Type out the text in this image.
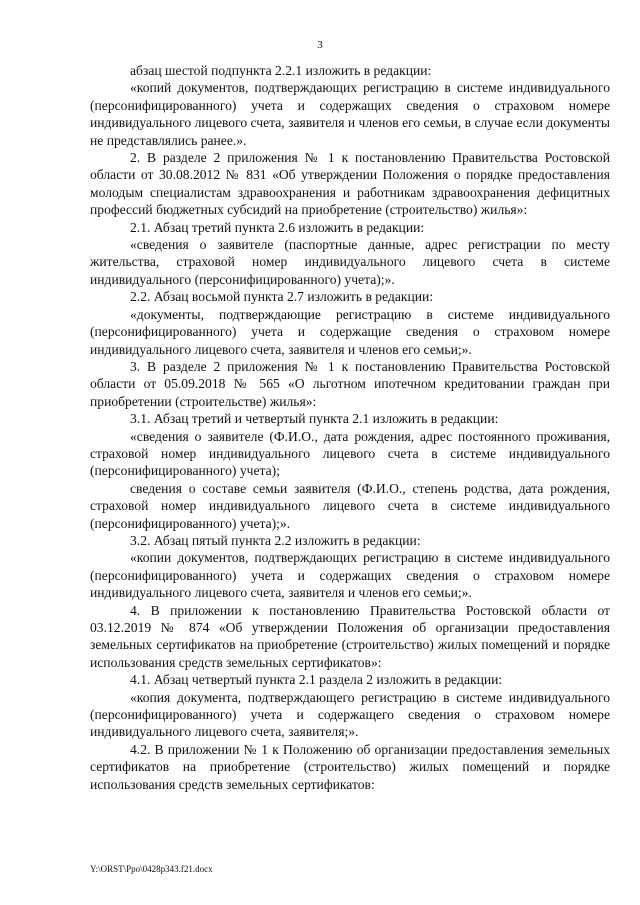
3

абзац шестой подпункта 2.2.1 изложить в редакции:

«копий документов, подтверждающих регистрацию в системе индивидуального (персонифицированного) учета и содержащих сведения о страховом номере индивидуального лицевого счета, заявителя и членов его семьи, в случае если документы не представлялись ранее.».

2. В разделе 2 приложения № 1 к постановлению Правительства Ростовской области от 30.08.2012 № 831 «Об утверждении Положения о порядке предоставления молодым специалистам здравоохранения и работникам здравоохранения дефицитных профессий бюджетных субсидий на приобретение (строительство) жилья»:

2.1. Абзац третий пункта 2.6 изложить в редакции:

«сведения о заявителе (паспортные данные, адрес регистрации по месту жительства, страховой номер индивидуального лицевого счета в системе индивидуального (персонифицированного) учета);».

2.2. Абзац восьмой пункта 2.7 изложить в редакции:

«документы, подтверждающие регистрацию в системе индивидуального (персонифицированного) учета и содержащие сведения о страховом номере индивидуального лицевого счета, заявителя и членов его семьи;».

3. В разделе 2 приложения № 1 к постановлению Правительства Ростовской области от 05.09.2018 № 565 «О льготном ипотечном кредитовании граждан при приобретении (строительстве) жилья»:

3.1. Абзац третий и четвертый пункта 2.1 изложить в редакции:

«сведения о заявителе (Ф.И.О., дата рождения, адрес постоянного проживания, страховой номер индивидуального лицевого счета в системе индивидуального (персонифицированного) учета);

сведения о составе семьи заявителя (Ф.И.О., степень родства, дата рождения, страховой номер индивидуального лицевого счета в системе индивидуального (персонифицированного) учета);».

3.2. Абзац пятый пункта 2.2 изложить в редакции:

«копии документов, подтверждающих регистрацию в системе индивидуального (персонифицированного) учета и содержащих сведения о страховом номере индивидуального лицевого счета, заявителя и членов его семьи;».

4. В приложении к постановлению Правительства Ростовской области от 03.12.2019 № 874 «Об утверждении Положения об организации предоставления земельных сертификатов на приобретение (строительство) жилых помещений и порядке использования средств земельных сертификатов»:

4.1. Абзац четвертый пункта 2.1 раздела 2 изложить в редакции:

«копия документа, подтверждающего регистрацию в системе индивидуального (персонифицированного) учета и содержащего сведения о страховом номере индивидуального лицевого счета, заявителя;».

4.2. В приложении № 1 к Положению об организации предоставления земельных сертификатов на приобретение (строительство) жилых помещений и порядке использования средств земельных сертификатов:

Y:\ORST\Ppo\0428p343.f21.docx
